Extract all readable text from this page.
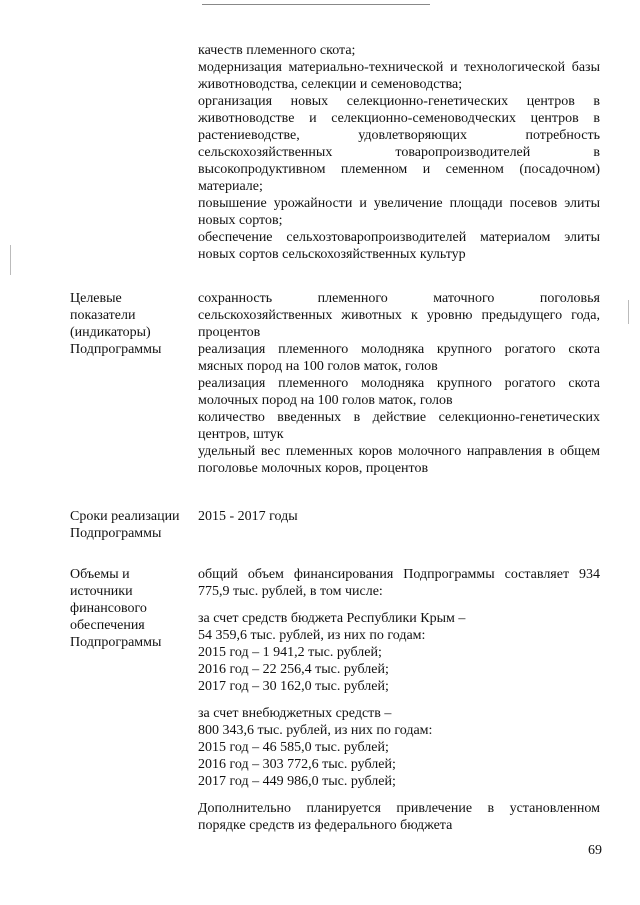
качеств племенного скота;

модернизация материально-технической и технологической базы животноводства, селекции и семеноводства;

организация новых селекционно-генетических центров в животноводстве и селекционно-семеноводческих центров в растениеводстве, удовлетворяющих потребность сельскохозяйственных товаропроизводителей в высокопродуктивном племенном и семенном (посадочном) материале;

повышение урожайности и увеличение площади посевов элиты новых сортов;

обеспечение сельхозтоваропроизводителей материалом элиты новых сортов сельскохозяйственных культур

Целевые показатели (индикаторы) Подпрограммы

сохранность племенного маточного поголовья сельскохозяйственных животных к уровню предыдущего года, процентов

реализация племенного молодняка крупного рогатого скота мясных пород на 100 голов маток, голов

реализация племенного молодняка крупного рогатого скота молочных пород на 100 голов маток, голов

количество введенных в действие селекционно-генетических центров, штук

удельный вес племенных коров молочного направления в общем поголовье молочных коров, процентов

Сроки реализации Подпрограммы

2015 - 2017 годы

Объемы и источники финансового обеспечения Подпрограммы

общий объем финансирования Подпрограммы составляет 934 775,9 тыс. рублей, в том числе:

за счет средств бюджета Республики Крым –
54 359,6 тыс. рублей, из них по годам:
2015 год – 1 941,2 тыс. рублей;
2016 год – 22 256,4 тыс. рублей;
2017 год – 30 162,0 тыс. рублей;

за счет внебюджетных средств –
800 343,6 тыс. рублей, из них по годам:
2015 год – 46 585,0 тыс. рублей;
2016 год – 303 772,6 тыс. рублей;
2017 год – 449 986,0 тыс. рублей;

Дополнительно планируется привлечение в установленном порядке средств из федерального бюджета

69
